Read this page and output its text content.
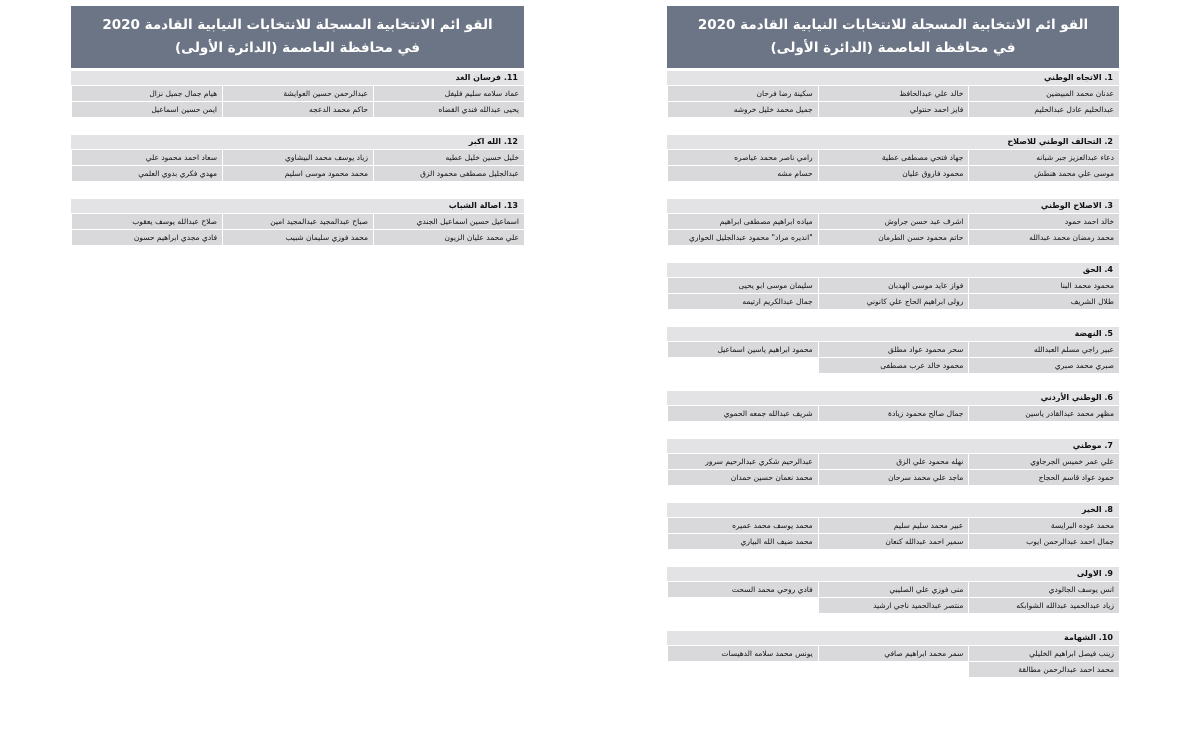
القو ائم الانتخابية المسجلة للانتخابات النيابية القادمة 2020
في محافظة العاصمة (الدائرة الأولى)
1. الاتجاه الوطني
عدنان محمد المبيضين
خالد علي عبدالحافظ
سكينة رضا فرحان
عبدالحليم عادل عبدالحليم
فايز احمد حنتولي
جميل محمد خليل خروشه
2. التحالف الوطني للاصلاح
دعاء عبدالعزيز جبر شبانه
جهاد فتحي مصطفى عطية
رامي ناصر محمد عياصره
موسى علي محمد هنطش
محمود فاروق عليان
حسام مشه
3. الاصلاح الوطني
خالد احمد حمود
اشرف عبد حسن جراوش
مياده ابراهيم مصطفى ابراهيم
محمد رمضان محمد عبدالله
حاتم محمود حسن الطرمان
"انديره مراد" محمود عبدالجليل الحواري
4. الحق
محمود محمد البنا
فواز عايد موسى الهدبان
سليمان موسى ابو يحيى
طلال الشريف
رولى ابراهيم الحاج علي كانوني
جمال عبدالكريم ارتيمه
5. النهضة
عبير راجي مسلم العبدالله
سحر محمود عواد مطلق
محمود ابراهيم ياسين اسماعيل
صبري محمد صبري
محمود خالد عرب مصطفى
6. الوطني الأردني
مظهر محمد عبدالقادر ياسين
جمال صالح محمود زيادة
شريف عبدالله جمعه الحموي
7. موطني
علي عمر خميس الجرجاوي
نهله محمود علي الزق
عبدالرحيم شكري عبدالرحيم سرور
حمود عواد قاسم الحجاج
ماجد علي محمد سرحان
محمد نعمان حسين حمدان
8. الخير
محمد عوده البرايسة
عبير محمد سليم سليم
محمد يوسف محمد عميره
جمال احمد عبدالرحمن ايوب
سمير احمد عبدالله كنعان
محمد ضيف الله البياري
9. الاولى
انس يوسف الجالودي
منى فوزي علي الصليبي
فادي روحي محمد السحت
زياد عبدالحميد عبدالله الشوابكه
منتصر عبدالحميد ناجي ارشيد
10. الشهامة
زينب فيصل ابراهيم الخليلي
سمر محمد ابراهيم صافي
يونس محمد سلامه الدهيسات
محمد احمد عبدالرحمن مطالقة
القو ائم الانتخابية المسجلة للانتخابات النيابية القادمة 2020
في محافظة العاصمة (الدائرة الأولى)
11. فرسان الغد
عماد سلامه سليم فليفل
عبدالرحمن حسين العوايشة
هيام جمال جميل نزال
يحيى عبدالله فندي القضاه
حاكم محمد الدعجه
ايمن حسين اسماعيل
12. الله اكبر
خليل حسين خليل عطيه
زياد يوسف محمد البيشاوي
سعاد احمد محمود علي
عبدالجليل مصطفى محمود الزق
محمد محمود موسى اسليم
مهدي فكري بدوي العلمي
13. اصالة الشباب
اسماعيل حسين اسماعيل الجندي
صباح عبدالمجيد عبدالمجيد امين
صلاح عبدالله يوسف يعقوب
علي محمد عليان الزيون
محمد فوزي سليمان شبيب
فادي مجدي ابراهيم حسون
